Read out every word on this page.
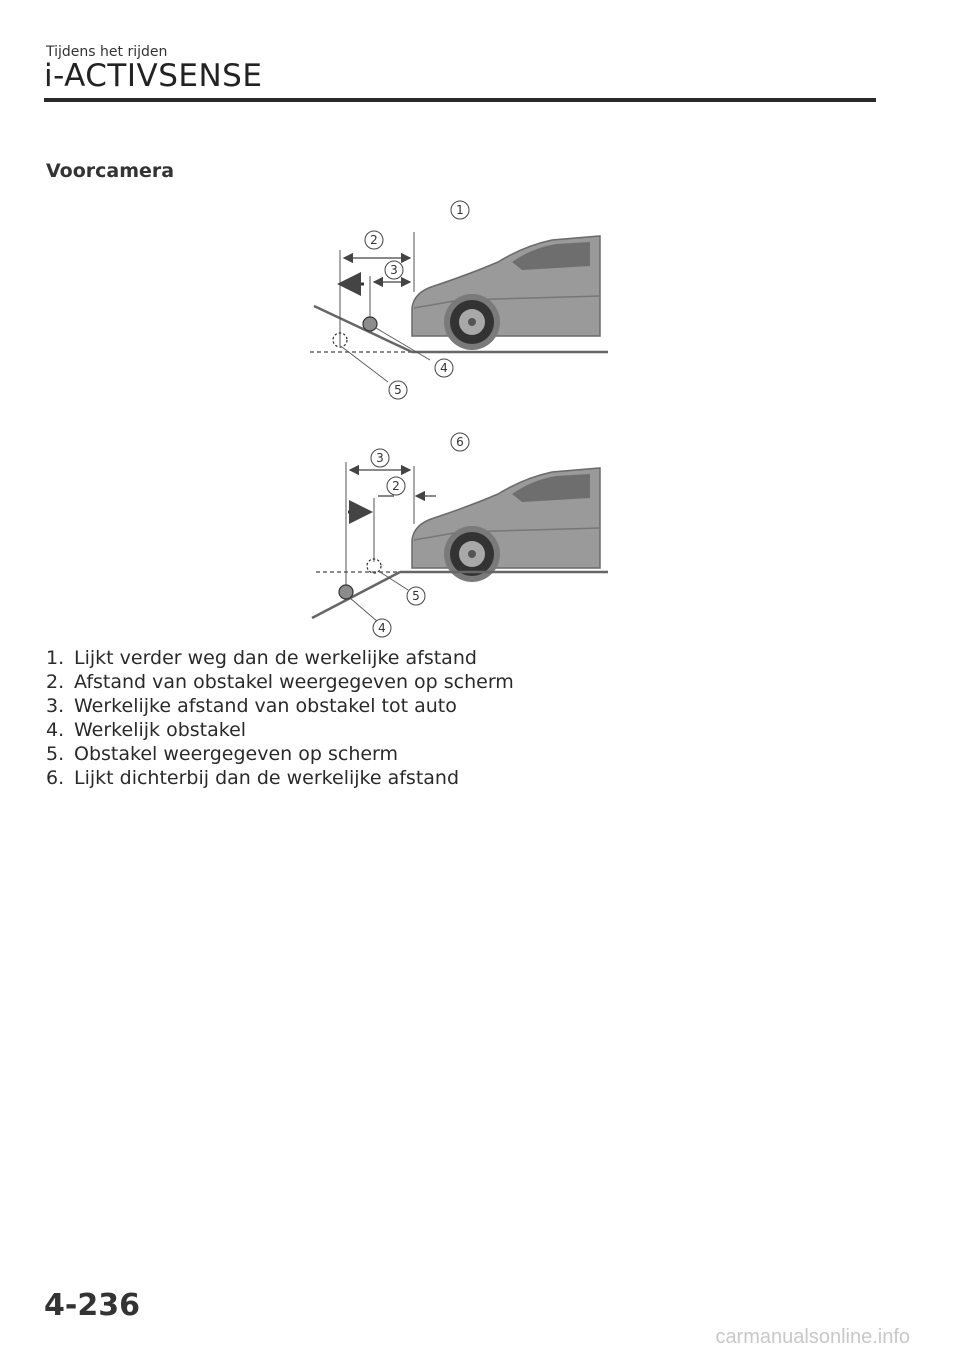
Tijdens het rijden
i-ACTIVSENSE
Voorcamera
1
2
3
4
5
6
3
2
5
4
1. Lijkt verder weg dan de werkelijke afstand
2. Afstand van obstakel weergegeven op scherm
3. Werkelijke afstand van obstakel tot auto
4. Werkelijk obstakel
5. Obstakel weergegeven op scherm
6. Lijkt dichterbij dan de werkelijke afstand
4-236
carmanualsonline.info
